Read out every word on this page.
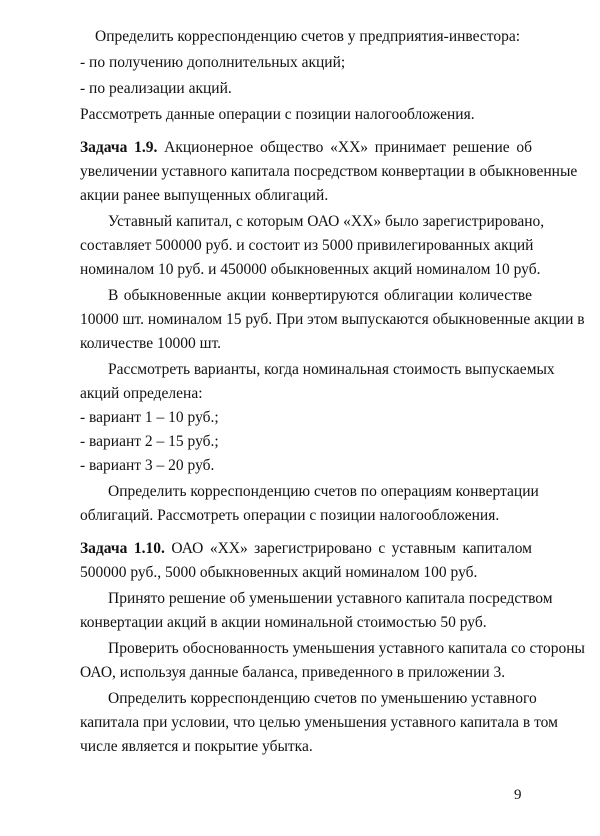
Определить корреспонденцию счетов у предприятия-инвестора:

- по получению дополнительных акций;

- по реализации акций.

Рассмотреть данные операции с позиции налогообложения.

Задача 1.9. Акционерное общество «XX» принимает решение об

увеличении уставного капитала посредством конвертации в обыкновенные

акции ранее выпущенных облигаций.

Уставный капитал, с которым ОАО «XX» было зарегистрировано,

составляет 500000 руб. и состоит из 5000 привилегированных акций

номиналом 10 руб. и 450000 обыкновенных акций номиналом 10 руб.

В обыкновенные акции конвертируются облигации количестве

10000 шт. номиналом 15 руб. При этом выпускаются обыкновенные акции в

количестве 10000 шт.

Рассмотреть варианты, когда номинальная стоимость выпускаемых

акций определена:

- вариант 1 – 10 руб.;

- вариант 2 – 15 руб.;

- вариант 3 – 20 руб.

Определить корреспонденцию счетов по операциям конвертации

облигаций. Рассмотреть операции с позиции налогообложения.

Задача 1.10. ОАО «XX» зарегистрировано с уставным капиталом

500000 руб., 5000 обыкновенных акций номиналом 100 руб.

Принято решение об уменьшении уставного капитала посредством

конвертации акций в акции номинальной стоимостью 50 руб.

Проверить обоснованность уменьшения уставного капитала со стороны

ОАО, используя данные баланса, приведенного в приложении 3.

Определить корреспонденцию счетов по уменьшению уставного

капитала при условии, что целью уменьшения уставного капитала в том

числе является и покрытие убытка.

9
